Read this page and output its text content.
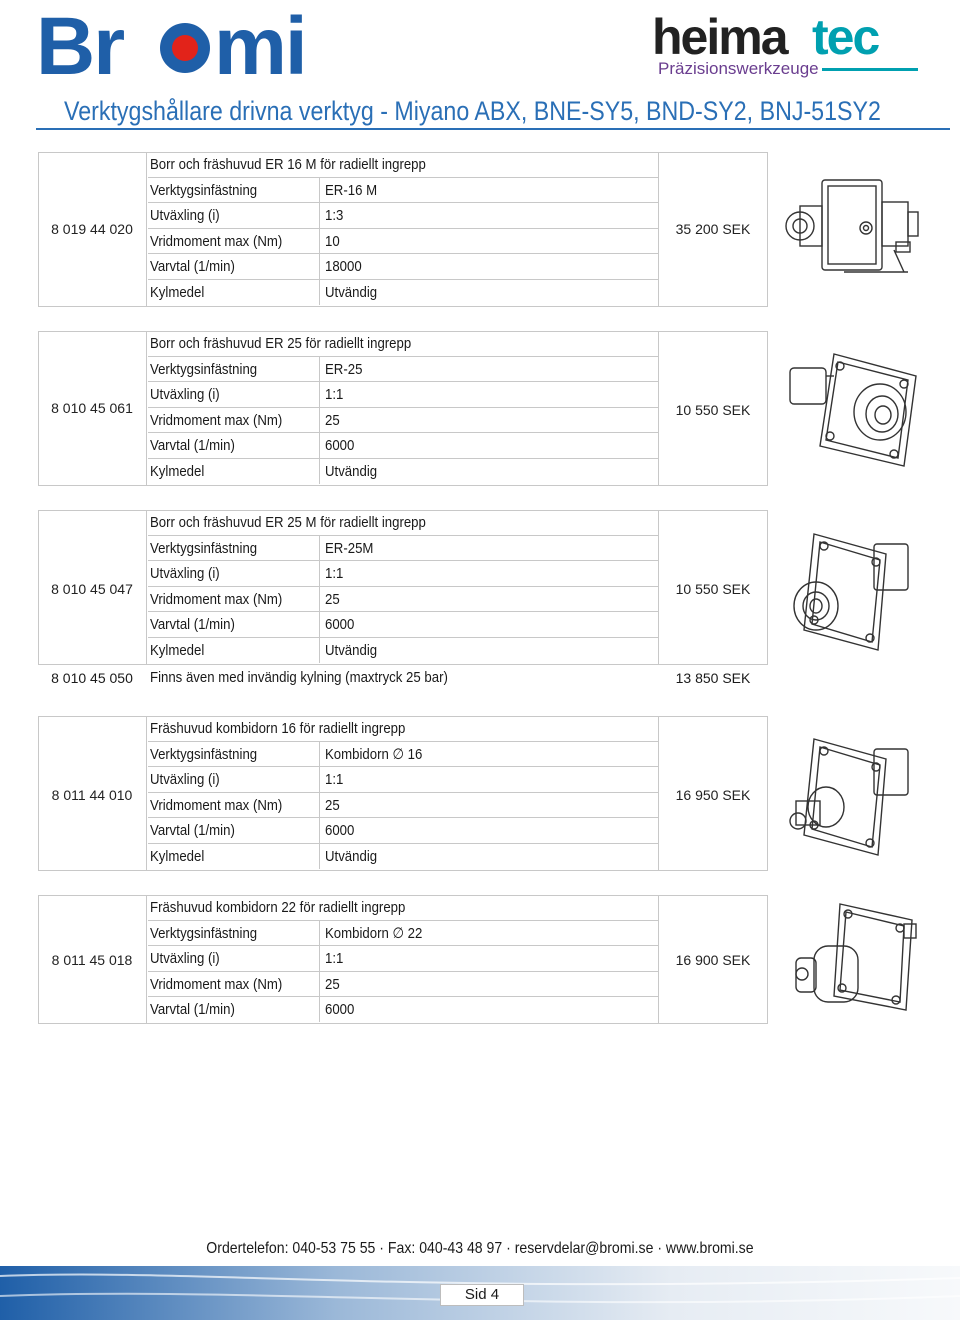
Br mi	heima tec
Präzisionswerkzeuge
Verktygshållare drivna verktyg - Miyano ABX, BNE-SY5, BND-SY2, BNJ-51SY2
8 019 44 020	35 200 SEK
Borr och fräshuvud ER 16 M för radiellt ingrepp
Verktygsinfästning	ER-16 M
Utväxling (i)	1:3
Vridmoment max (Nm)	10
Varvtal (1/min)	18000
Kylmedel	Utvändig
8 010 45 061	10 550 SEK
Borr och fräshuvud ER 25 för radiellt ingrepp
Verktygsinfästning	ER-25
Utväxling (i)	1:1
Vridmoment max (Nm)	25
Varvtal (1/min)	6000
Kylmedel	Utvändig
8 010 45 047	10 550 SEK
Borr och fräshuvud ER 25 M för radiellt ingrepp
Verktygsinfästning	ER-25M
Utväxling (i)	1:1
Vridmoment max (Nm)	25
Varvtal (1/min)	6000
Kylmedel	Utvändig
8 010 45 050	Finns även med invändig kylning (maxtryck 25 bar)	13 850 SEK
8 011 44 010	16 950 SEK
Fräshuvud kombidorn 16 för radiellt ingrepp
Verktygsinfästning	Kombidorn ∅ 16
Utväxling (i)	1:1
Vridmoment max (Nm)	25
Varvtal (1/min)	6000
Kylmedel	Utvändig
8 011 45 018	16 900 SEK
Fräshuvud kombidorn 22 för radiellt ingrepp
Verktygsinfästning	Kombidorn ∅ 22
Utväxling (i)	1:1
Vridmoment max (Nm)	25
Varvtal (1/min)	6000
Ordertelefon: 040-53 75 55 · Fax: 040-43 48 97 · reservdelar@bromi.se · www.bromi.se
Sid 4
